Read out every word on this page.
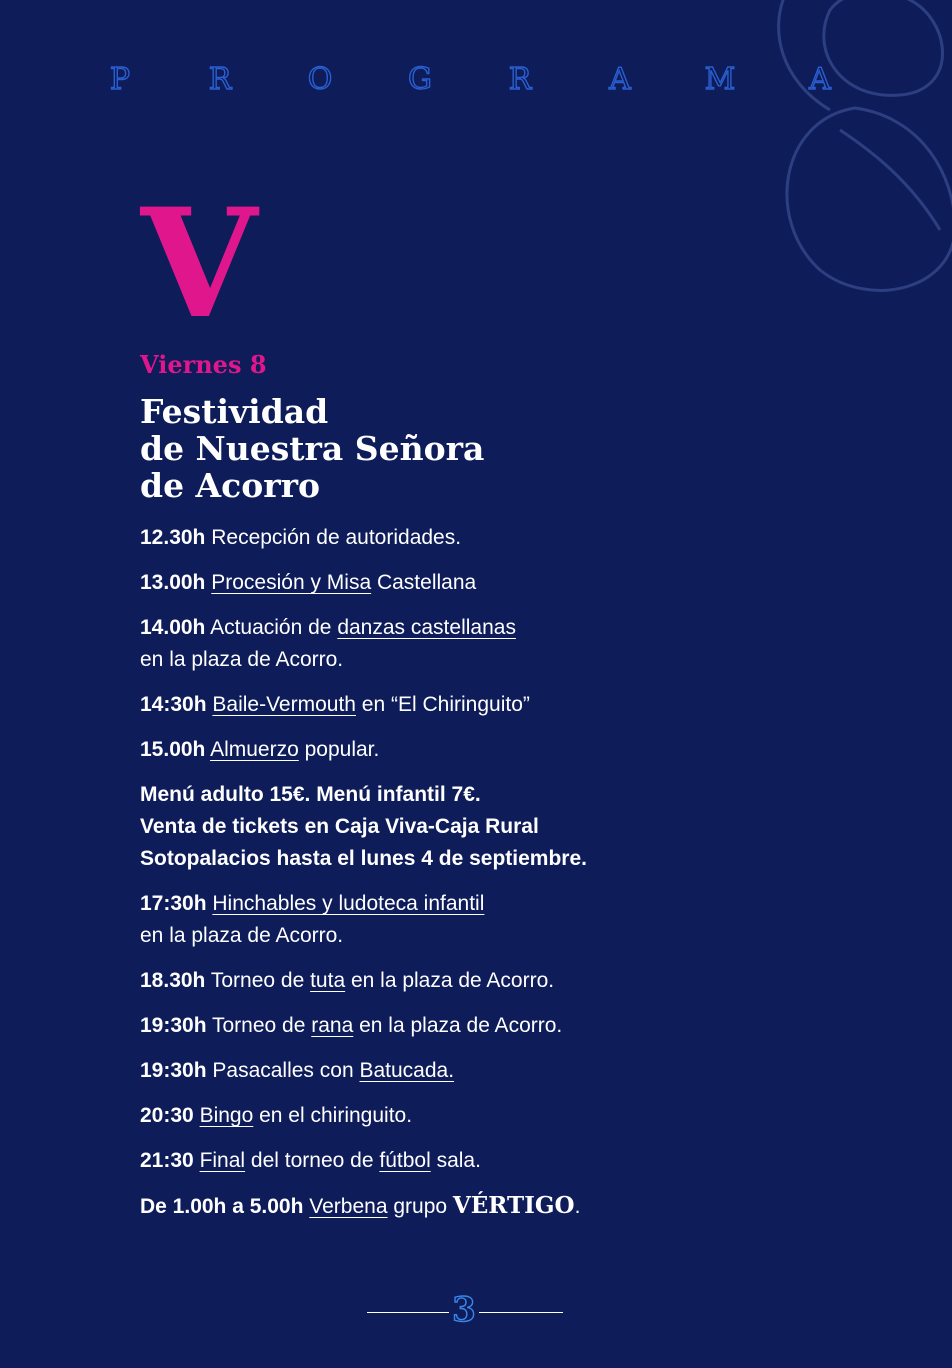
P	R	O	G	R	A	M	A
V
Viernes 8
Festividad
de Nuestra Señora
de Acorro
12.30h Recepción de autoridades.
13.00h Procesión y Misa Castellana
14.00h Actuación de danzas castellanas
en la plaza de Acorro.
14:30h Baile-Vermouth en “El Chiringuito”
15.00h Almuerzo popular.
Menú adulto 15€. Menú infantil 7€.
Venta de tickets en Caja Viva-Caja Rural
Sotopalacios hasta el lunes 4 de septiembre.
17:30h Hinchables y ludoteca infantil
en la plaza de Acorro.
18.30h Torneo de tuta en la plaza de Acorro.
19:30h Torneo de rana en la plaza de Acorro.
19:30h Pasacalles con Batucada.
20:30 Bingo en el chiringuito.
21:30 Final del torneo de fútbol sala.
De 1.00h a 5.00h Verbena grupo VÉRTIGO.
3
